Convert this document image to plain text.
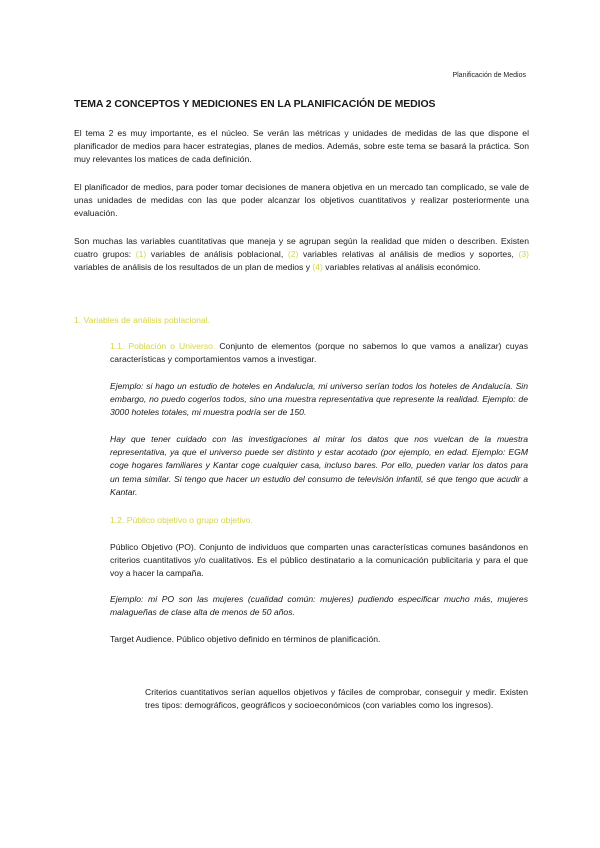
Planificación de Medios
TEMA 2 CONCEPTOS Y MEDICIONES EN LA PLANIFICACIÓN DE MEDIOS

El tema 2 es muy importante, es el núcleo. Se verán las métricas y unidades de medidas de las que dispone el planificador de medios para hacer estrategias, planes de medios. Además, sobre este tema se basará la práctica. Son muy relevantes los matices de cada definición.

El planificador de medios, para poder tomar decisiones de manera objetiva en un mercado tan complicado, se vale de unas unidades de medidas con las que poder alcanzar los objetivos cuantitativos y realizar posteriormente una evaluación.

Son muchas las variables cuantitativas que maneja y se agrupan según la realidad que miden o describen. Existen cuatro grupos: (1) variables de análisis poblacional, (2) variables relativas al análisis de medios y soportes, (3) variables de análisis de los resultados de un plan de medios y (4) variables relativas al análisis económico.

1. Variables de análisis poblacional.

1.1. Población o Universo. Conjunto de elementos (porque no sabemos lo que vamos a analizar) cuyas características y comportamientos vamos a investigar.

Ejemplo: si hago un estudio de hoteles en Andalucía, mi universo serían todos los hoteles de Andalucía. Sin embargo, no puedo cogerlos todos, sino una muestra representativa que represente la realidad. Ejemplo: de 3000 hoteles totales, mi muestra podría ser de 150.

Hay que tener cuidado con las investigaciones al mirar los datos que nos vuelcan de la muestra representativa, ya que el universo puede ser distinto y estar acotado (por ejemplo, en edad. Ejemplo: EGM coge hogares familiares y Kantar coge cualquier casa, incluso bares. Por ello, pueden variar los datos para un tema similar. Si tengo que hacer un estudio del consumo de televisión infantil, sé que tengo que acudir a Kantar.

1.2. Público objetivo o grupo objetivo.

Público Objetivo (PO). Conjunto de individuos que comparten unas características comunes basándonos en criterios cuantitativos y/o cualitativos. Es el público destinatario a la comunicación publicitaria y para el que voy a hacer la campaña.

Ejemplo: mi PO son las mujeres (cualidad común: mujeres) pudiendo especificar mucho más, mujeres malagueñas de clase alta de menos de 50 años.

Target Audience. Público objetivo definido en términos de planificación.

Criterios cuantitativos serían aquellos objetivos y fáciles de comprobar, conseguir y medir. Existen tres tipos: demográficos, geográficos y socioeconómicos (con variables como los ingresos).
